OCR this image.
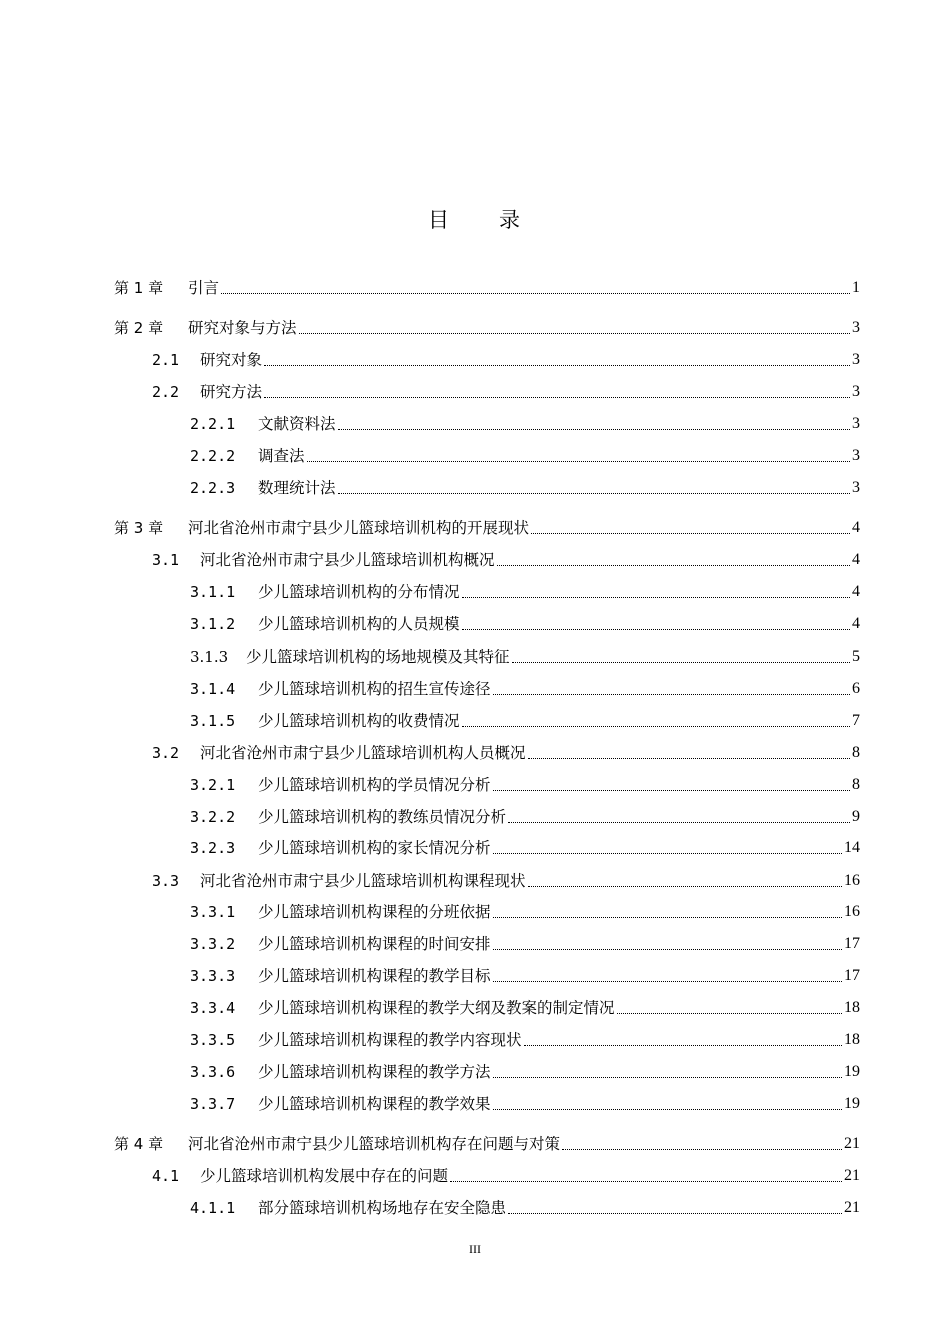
目 录
第 1 章	引言	1
第 2 章	研究对象与方法	3
2.1	研究对象	3
2.2	研究方法	3
2.2.1	文献资料法	3
2.2.2	调查法	3
2.2.3	数理统计法	3
第 3 章	河北省沧州市肃宁县少儿篮球培训机构的开展现状	4
3.1	河北省沧州市肃宁县少儿篮球培训机构概况	4
3.1.1	少儿篮球培训机构的分布情况	4
3.1.2	少儿篮球培训机构的人员规模	4
3.1.3	少儿篮球培训机构的场地规模及其特征	5
3.1.4	少儿篮球培训机构的招生宣传途径	6
3.1.5	少儿篮球培训机构的收费情况	7
3.2	河北省沧州市肃宁县少儿篮球培训机构人员概况	8
3.2.1	少儿篮球培训机构的学员情况分析	8
3.2.2	少儿篮球培训机构的教练员情况分析	9
3.2.3	少儿篮球培训机构的家长情况分析	14
3.3	河北省沧州市肃宁县少儿篮球培训机构课程现状	16
3.3.1	少儿篮球培训机构课程的分班依据	16
3.3.2	少儿篮球培训机构课程的时间安排	17
3.3.3	少儿篮球培训机构课程的教学目标	17
3.3.4	少儿篮球培训机构课程的教学大纲及教案的制定情况	18
3.3.5	少儿篮球培训机构课程的教学内容现状	18
3.3.6	少儿篮球培训机构课程的教学方法	19
3.3.7	少儿篮球培训机构课程的教学效果	19
第 4 章	河北省沧州市肃宁县少儿篮球培训机构存在问题与对策	21
4.1	少儿篮球培训机构发展中存在的问题	21
4.1.1	部分篮球培训机构场地存在安全隐患	21
III
